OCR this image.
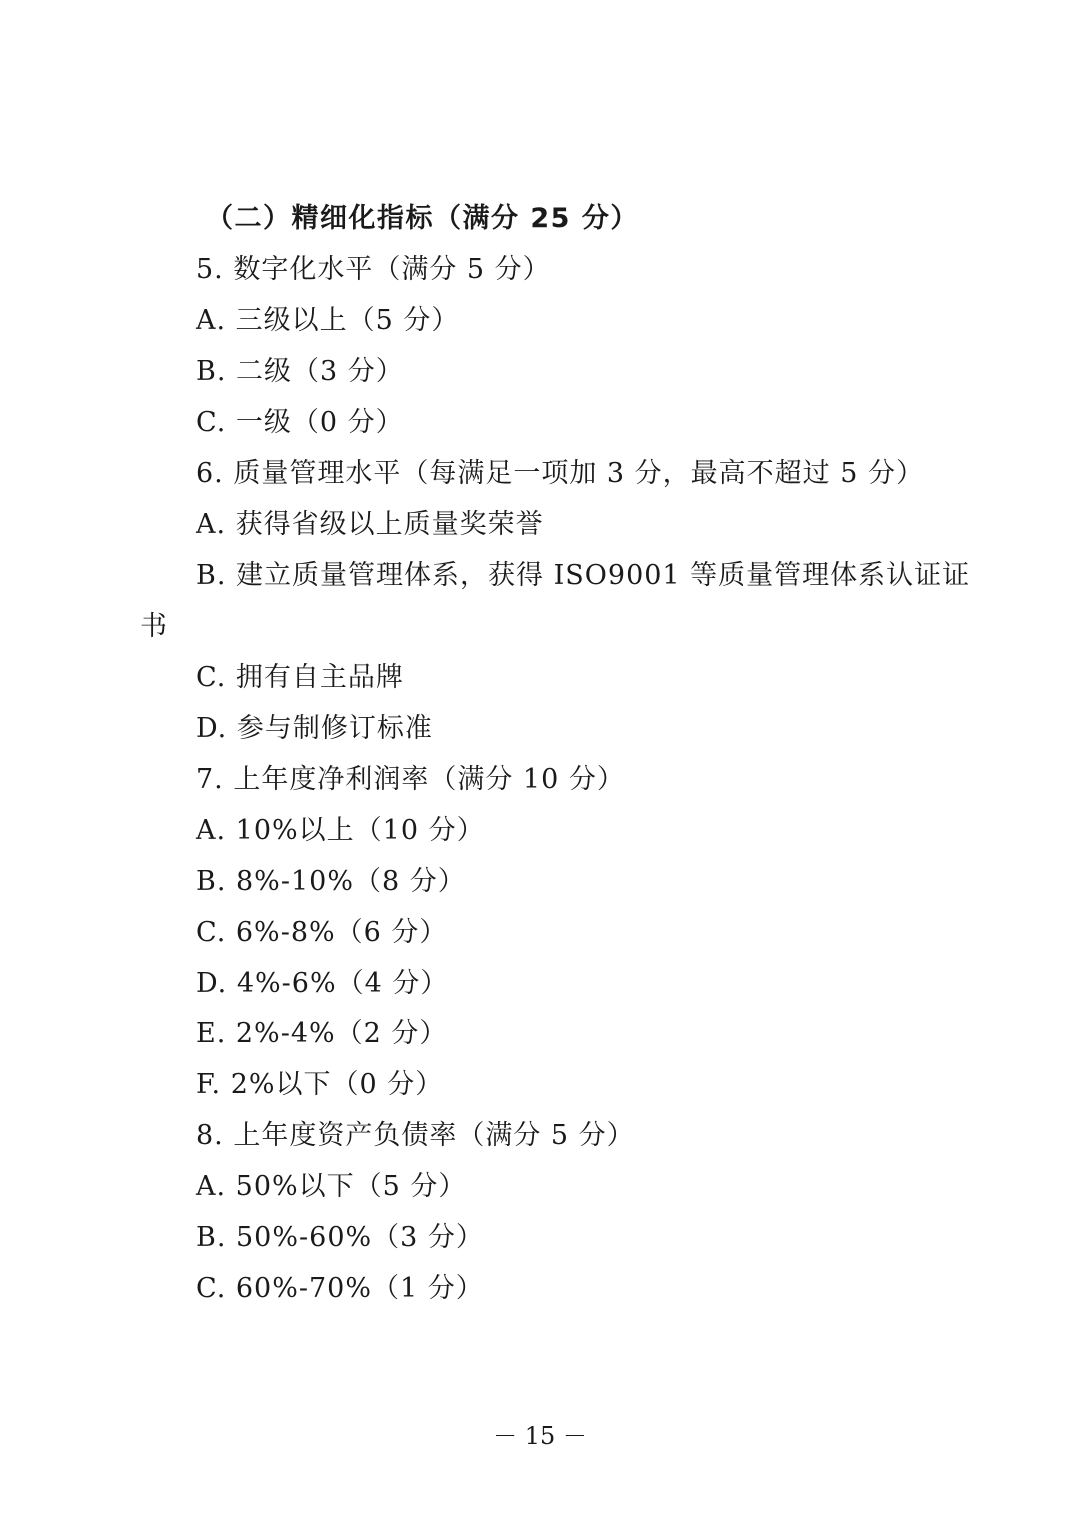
（二）精细化指标（满分 25 分）
5. 数字化水平（满分 5 分）
A. 三级以上（5 分）
B. 二级（3 分）
C. 一级（0 分）
6. 质量管理水平（每满足一项加 3 分，最高不超过 5 分）
A. 获得省级以上质量奖荣誉
B. 建立质量管理体系，获得 ISO9001 等质量管理体系认证证
书
C. 拥有自主品牌
D. 参与制修订标准
7. 上年度净利润率（满分 10 分）
A. 10%以上（10 分）
B. 8%-10%（8 分）
C. 6%-8%（6 分）
D. 4%-6%（4 分）
E. 2%-4%（2 分）
F. 2%以下（0 分）
8. 上年度资产负债率（满分 5 分）
A. 50%以下（5 分）
B. 50%-60%（3 分）
C. 60%-70%（1 分）
－ 15 －
